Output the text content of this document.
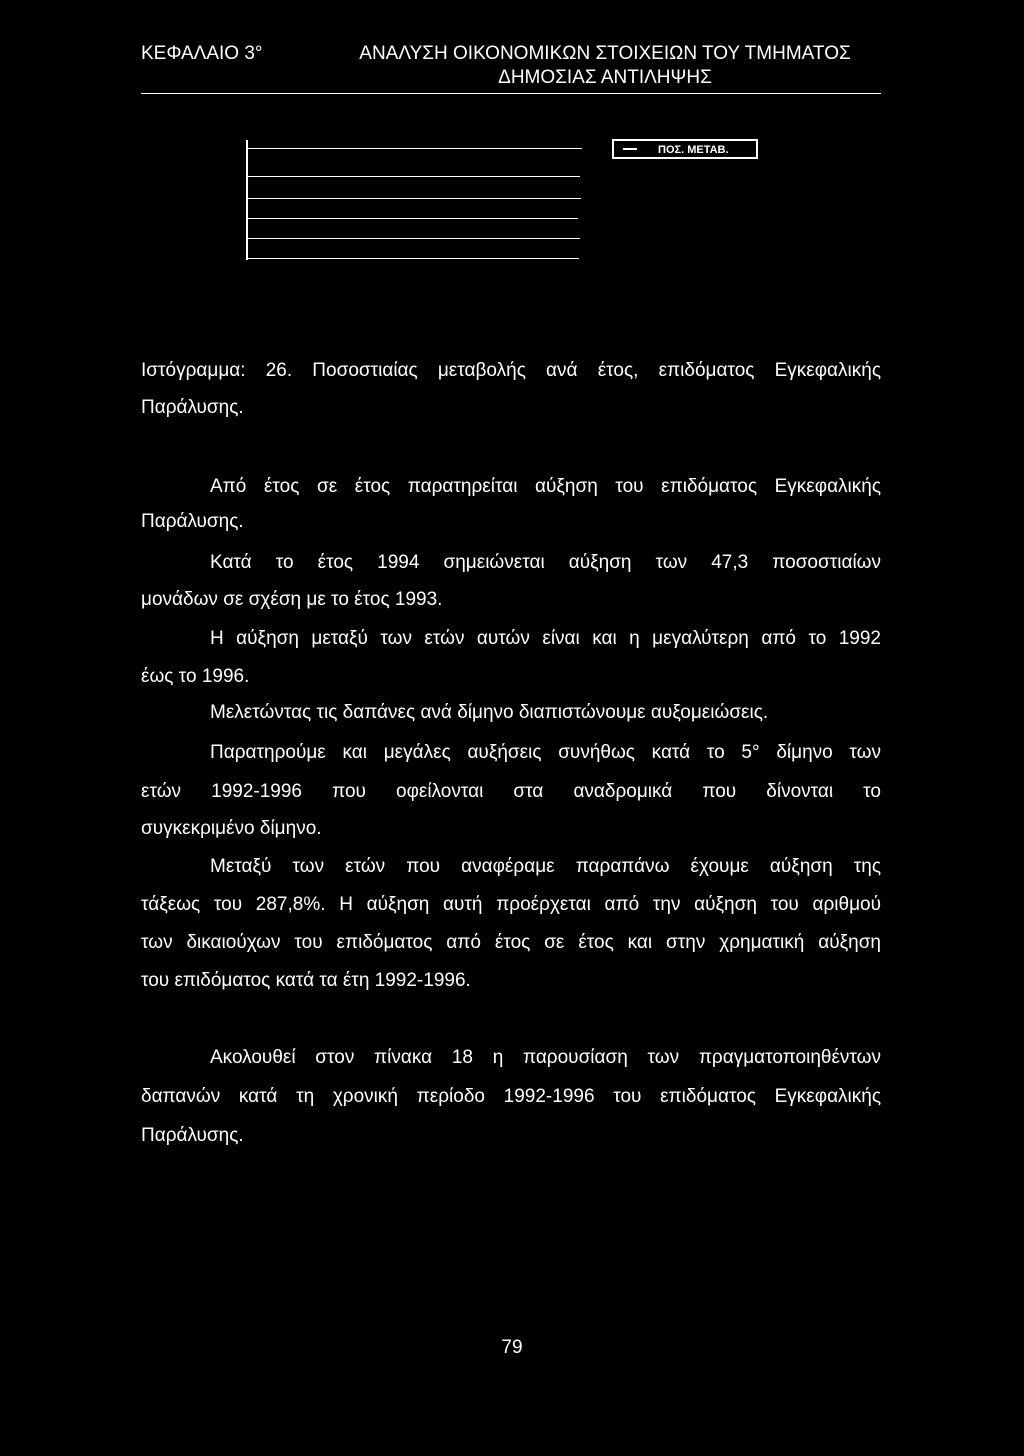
ΚΕΦΑΛΑΙΟ 3°	ΑΝΑΛΥΣΗ ΟΙΚΟΝΟΜΙΚΩΝ ΣΤΟΙΧΕΙΩΝ ΤΟΥ ΤΜΗΜΑΤΟΣ
ΔΗΜΟΣΙΑΣ ΑΝΤΙΛΗΨΗΣ
ΠΟΣ. ΜΕΤΑΒ.
Ιστόγραμμα: 26. Ποσοστιαίας μεταβολής ανά έτος, επιδόματος Εγκεφαλικής
Παράλυσης.
Από έτος σε έτος παρατηρείται αύξηση του επιδόματος Εγκεφαλικής
Παράλυσης.
Κατά το έτος 1994 σημειώνεται αύξηση των 47,3 ποσοστιαίων
μονάδων σε σχέση με το έτος 1993.
Η αύξηση μεταξύ των ετών αυτών είναι και η μεγαλύτερη από το 1992
έως το 1996.
Μελετώντας τις δαπάνες ανά δίμηνο διαπιστώνουμε αυξομειώσεις.
Παρατηρούμε και μεγάλες αυξήσεις συνήθως κατά το 5° δίμηνο των
ετών 1992-1996 που οφείλονται στα αναδρομικά που δίνονται το
συγκεκριμένο δίμηνο.
Μεταξύ των ετών που αναφέραμε παραπάνω έχουμε αύξηση της
τάξεως του 287,8%. Η αύξηση αυτή προέρχεται από την αύξηση του αριθμού
των δικαιούχων του επιδόματος από έτος σε έτος και στην χρηματική αύξηση
του επιδόματος κατά τα έτη 1992-1996.
Ακολουθεί στον πίνακα 18 η παρουσίαση των πραγματοποιηθέντων
δαπανών κατά τη χρονική περίοδο 1992-1996 του επιδόματος Εγκεφαλικής
Παράλυσης.
79
